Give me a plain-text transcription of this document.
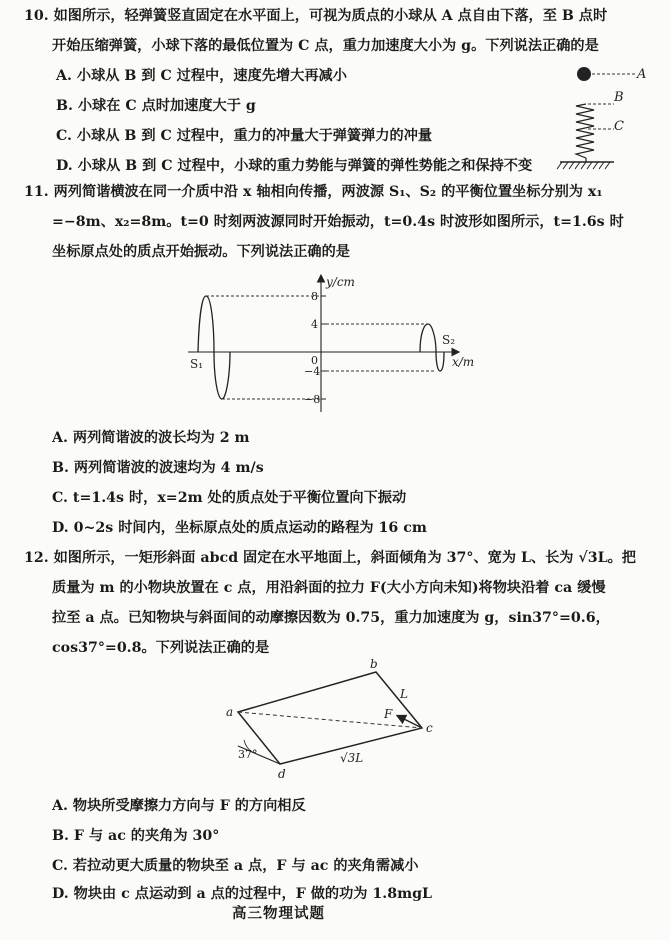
10. 如图所示，轻弹簧竖直固定在水平面上，可视为质点的小球从 A 点自由下落，至 B 点时
开始压缩弹簧，小球下落的最低位置为 C 点，重力加速度大小为 g。下列说法正确的是
A. 小球从 B 到 C 过程中，速度先增大再减小
B. 小球在 C 点时加速度大于 g
C. 小球从 B 到 C 过程中，重力的冲量大于弹簧弹力的冲量
D. 小球从 B 到 C 过程中，小球的重力势能与弹簧的弹性势能之和保持不变
A
B
C
11. 两列简谐横波在同一介质中沿 x 轴相向传播，两波源 S₁、S₂ 的平衡位置坐标分别为 x₁
=−8m、x₂=8m。t=0 时刻两波源同时开始振动，t=0.4s 时波形如图所示，t=1.6s 时
坐标原点处的质点开始振动。下列说法正确的是
y/cm
x/m
0
8
4
−4
−8
S₁
S₂
A. 两列简谐波的波长均为 2 m
B. 两列简谐波的波速均为 4 m/s
C. t=1.4s 时，x=2m 处的质点处于平衡位置向下振动
D. 0~2s 时间内，坐标原点处的质点运动的路程为 16 cm
12. 如图所示，一矩形斜面 abcd 固定在水平地面上，斜面倾角为 37°、宽为 L、长为 √3L。把
质量为 m 的小物块放置在 c 点，用沿斜面的拉力 F(大小方向未知)将物块沿着 ca 缓慢
拉至 a 点。已知物块与斜面间的动摩擦因数为 0.75，重力加速度为 g，sin37°=0.6，
cos37°=0.8。下列说法正确的是
37°
F
a
b
c
d
L
√3L
A. 物块所受摩擦力方向与 F 的方向相反
B. F 与 ac 的夹角为 30°
C. 若拉动更大质量的物块至 a 点，F 与 ac 的夹角需减小
D. 物块由 c 点运动到 a 点的过程中，F 做的功为 1.8mgL
高三物理试题
